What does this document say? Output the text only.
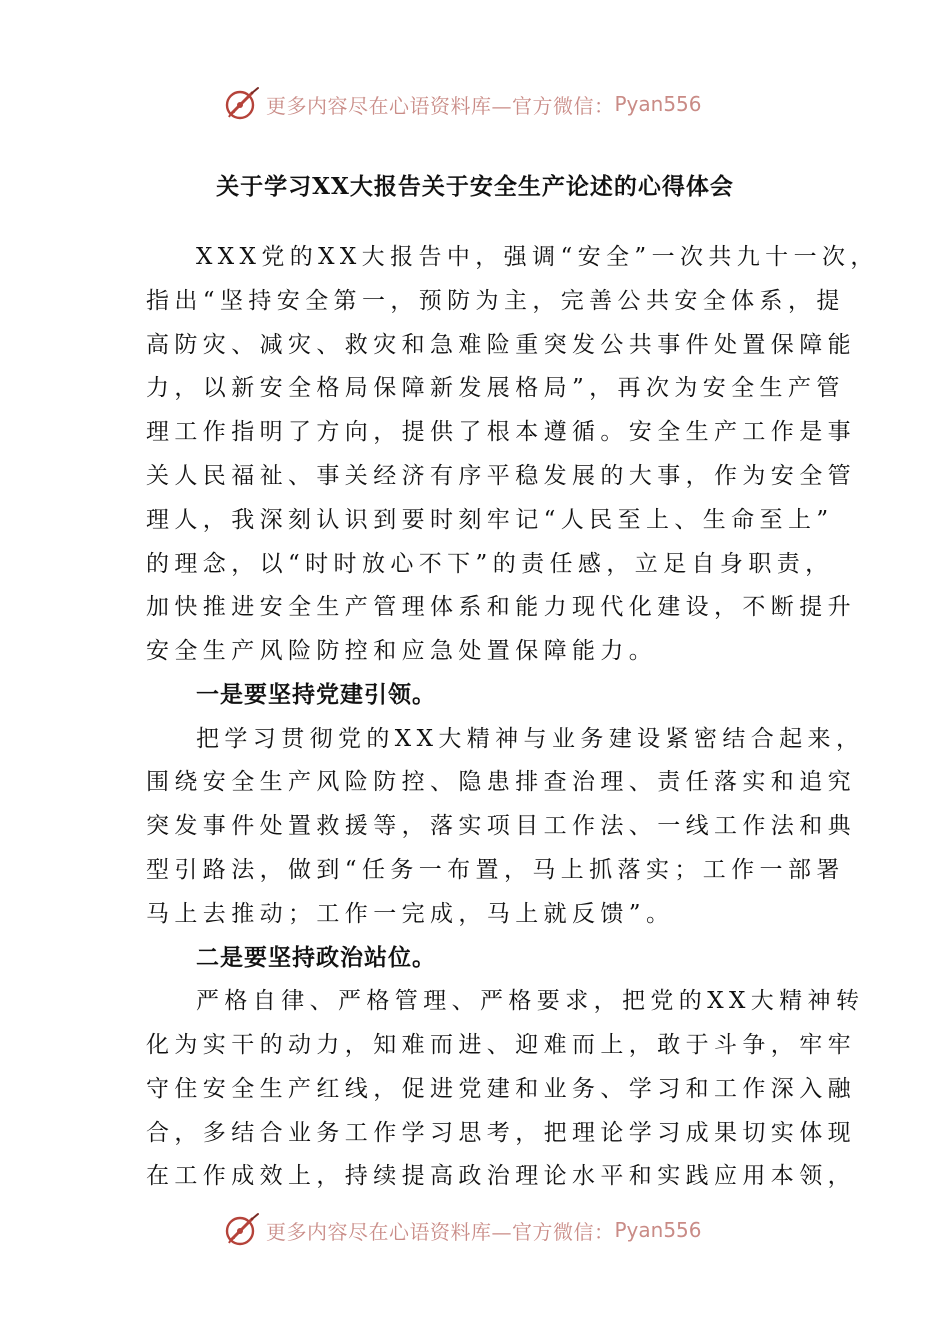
更多内容尽在心语资料库—官方微信： Pyan556
关于学习XX大报告关于安全生产论述的心得体会
XXX党的XX大报告中，强调“安全”一次共九十一次，
指出“坚持安全第一，预防为主，完善公共安全体系，提
高防灾、减灾、救灾和急难险重突发公共事件处置保障能
力，以新安全格局保障新发展格局”，再次为安全生产管
理工作指明了方向，提供了根本遵循。安全生产工作是事
关人民福祉、事关经济有序平稳发展的大事，作为安全管
理人，我深刻认识到要时刻牢记“人民至上、生命至上”
的理念，以“时时放心不下”的责任感，立足自身职责，
加快推进安全生产管理体系和能力现代化建设，不断提升
安全生产风险防控和应急处置保障能力。
一是要坚持党建引领。
把学习贯彻党的XX大精神与业务建设紧密结合起来，
围绕安全生产风险防控、隐患排查治理、责任落实和追究
突发事件处置救援等，落实项目工作法、一线工作法和典
型引路法，做到“任务一布置，马上抓落实；工作一部署
马上去推动；工作一完成，马上就反馈”。
二是要坚持政治站位。
严格自律、严格管理、严格要求，把党的XX大精神转
化为实干的动力，知难而进、迎难而上，敢于斗争，牢牢
守住安全生产红线，促进党建和业务、学习和工作深入融
合，多结合业务工作学习思考，把理论学习成果切实体现
在工作成效上，持续提高政治理论水平和实践应用本领，
更多内容尽在心语资料库—官方微信： Pyan556
